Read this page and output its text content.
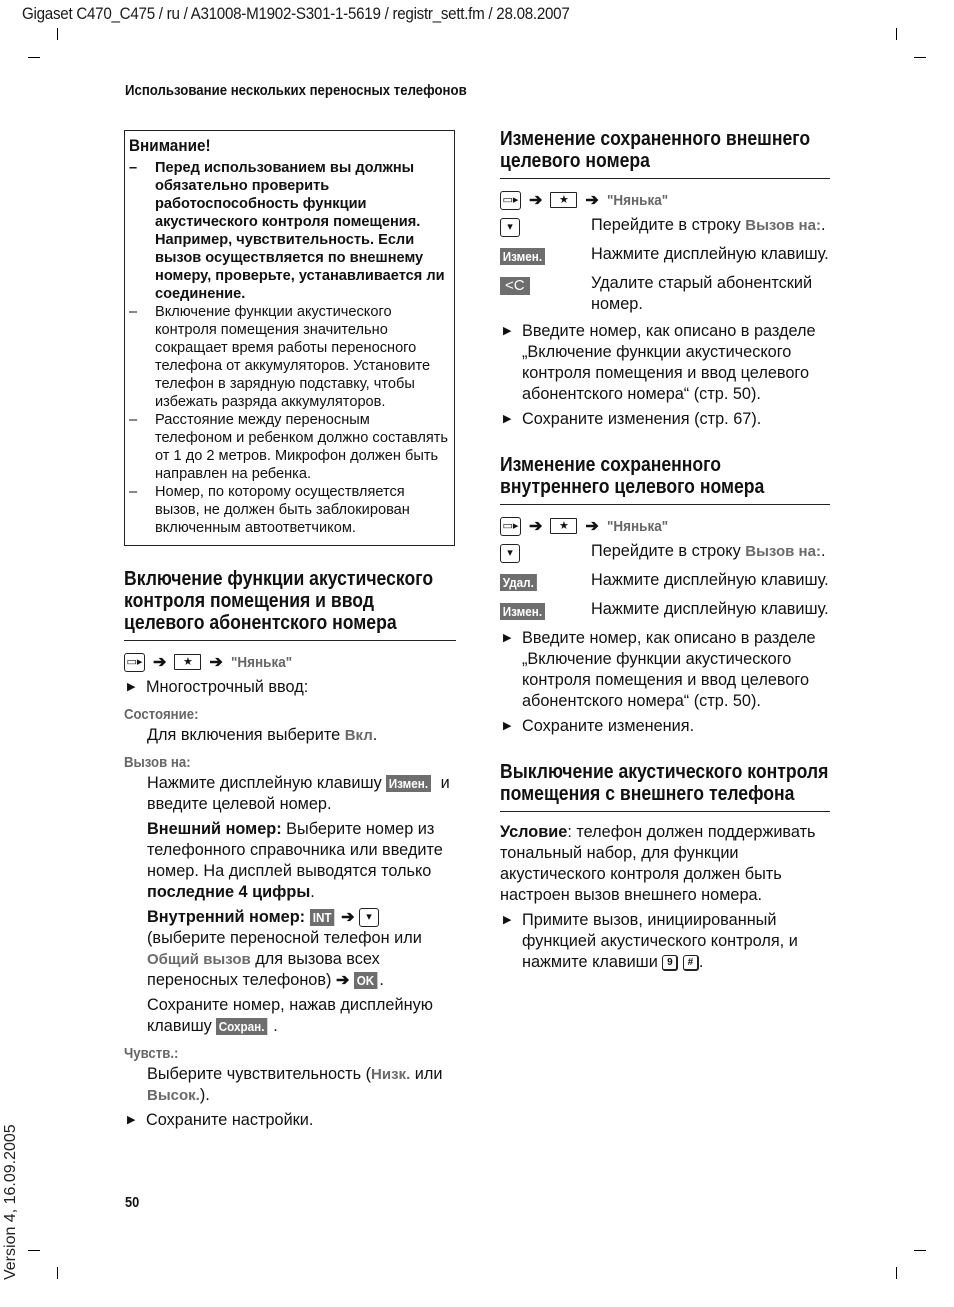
Gigaset C470_C475 / ru / A31008-M1902-S301-1-5619 / registr_sett.fm / 28.08.2007
Использование нескольких переносных телефонов
Version 4, 16.09.2005	50
Внимание!
–	Перед использованием вы должны обязательно проверить работоспособность функции акустического контроля помещения. Например, чувствительность. Если вызов осуществляется по внешнему номеру, проверьте, устанавливается ли соединение.
–	Включение функции акустического контроля помещения значительно сокращает время работы переносного телефона от аккумуляторов. Установите телефон в зарядную подставку, чтобы избежать разряда аккумуляторов.
–	Расстояние между переносным телефоном и ребенком должно составлять от 1 до 2 метров. Микрофон должен быть направлен на ребенка.
–	Номер, по которому осуществляется вызов, не должен быть заблокирован включенным автоответчиком.
Включение функции акустического контроля помещения и ввод целевого абонентского номера
▭▸ ➔	★	➔ "Нянька"
▶ Многострочный ввод:
Состояние:
Для включения выберите Вкл.
Вызов на:
Нажмите дисплейную клавишу Измен. и введите целевой номер.
Внешний номер: Выберите номер из телефонного справочника или введите номер. На дисплей выводятся только последние 4 цифры.
Внутренний номер: INT ➔ ▾ (выберите переносной телефон или Общий вызов для вызова всех переносных телефонов) ➔ OK .
Сохраните номер, нажав дисплейную клавишу Сохран. .
Чувств.:
Выберите чувствительность (Низк. или Высок.).
▶ Сохраните настройки.
Изменение сохраненного внешнего целевого номера
▭▸ ➔	★	➔ "Нянька"
▾	Перейдите в строку Вызов на:.
Измен.	Нажмите дисплейную клавишу.
<C	Удалите старый абонентский номер.
▶ Введите номер, как описано в разделе „Включение функции акустического контроля помещения и ввод целевого абонентского номера“ (стр. 50).
▶ Сохраните изменения (стр. 67).
Изменение сохраненного внутреннего целевого номера
▭▸ ➔	★	➔ "Нянька"
▾	Перейдите в строку Вызов на:.
Удал.	Нажмите дисплейную клавишу.
Измен.	Нажмите дисплейную клавишу.
▶ Введите номер, как описано в разделе „Включение функции акустического контроля помещения и ввод целевого абонентского номера“ (стр. 50).
▶ Сохраните изменения.
Выключение акустического контроля помещения с внешнего телефона
Условие: телефон должен поддерживать тональный набор, для функции акустического контроля должен быть настроен вызов внешнего номера.
▶ Примите вызов, инициированный функцией акустического контроля, и нажмите клавиши 9 # .
